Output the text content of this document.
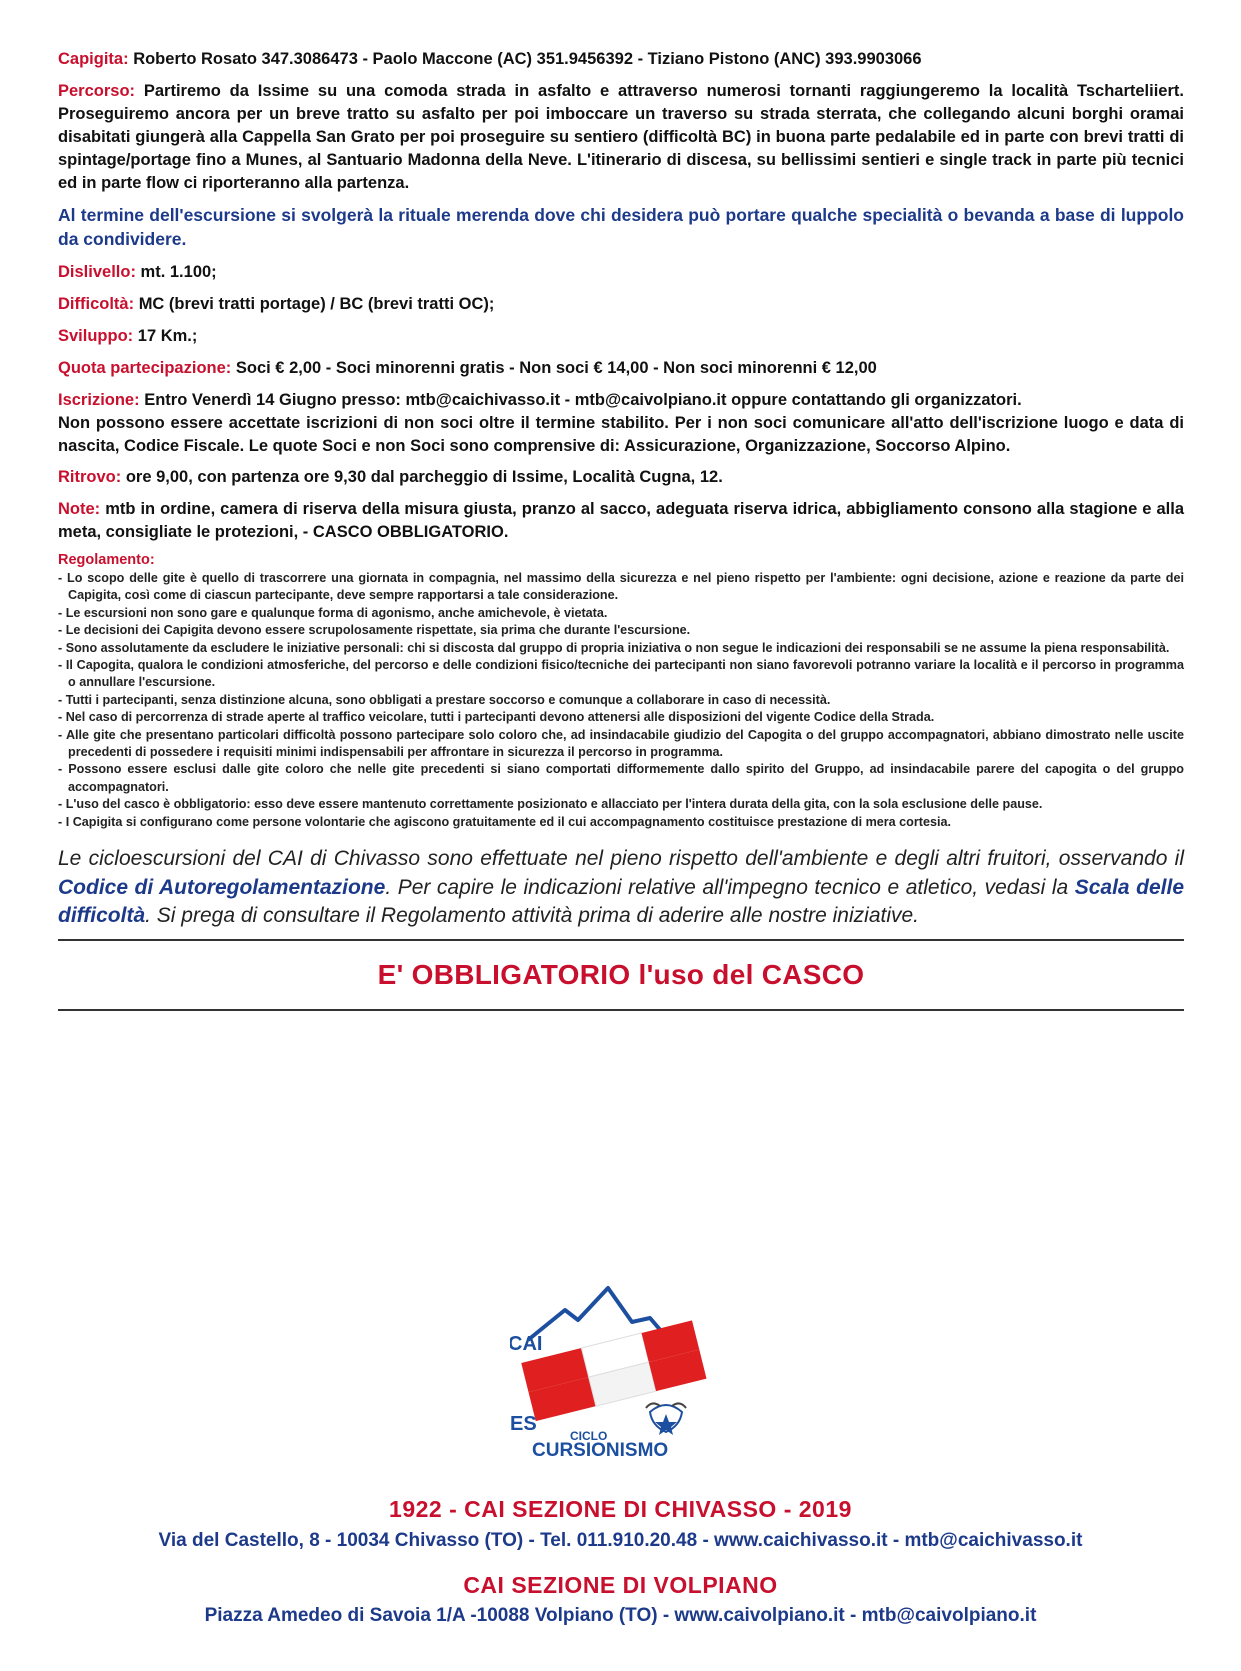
Capigita: Roberto Rosato 347.3086473 - Paolo Maccone (AC) 351.9456392 - Tiziano Pistono (ANC) 393.9903066

Percorso: Partiremo da Issime su una comoda strada in asfalto e attraverso numerosi tornanti raggiungeremo la località Tscharteliiert. Proseguiremo ancora per un breve tratto su asfalto per poi imboccare un traverso su strada sterrata, che collegando alcuni borghi oramai disabitati giungerà alla Cappella San Grato per poi proseguire su sentiero (difficoltà BC) in buona parte pedalabile ed in parte con brevi tratti di spintage/portage fino a Munes, al Santuario Madonna della Neve. L'itinerario di discesa, su bellissimi sentieri e single track in parte più tecnici ed in parte flow ci riporteranno alla partenza.

Al termine dell'escursione si svolgerà la rituale merenda dove chi desidera può portare qualche specialità o bevanda a base di luppolo da condividere.

Dislivello: mt. 1.100;

Difficoltà: MC (brevi tratti portage) / BC (brevi tratti OC);

Sviluppo: 17 Km.;

Quota partecipazione: Soci € 2,00 - Soci minorenni gratis - Non soci € 14,00 - Non soci minorenni € 12,00

Iscrizione: Entro Venerdì 14 Giugno presso: mtb@caichivasso.it - mtb@caivolpiano.it oppure contattando gli organizzatori.

Non possono essere accettate iscrizioni di non soci oltre il termine stabilito. Per i non soci comunicare all'atto dell'iscrizione luogo e data di nascita, Codice Fiscale. Le quote Soci e non Soci sono comprensive di: Assicurazione, Organizzazione, Soccorso Alpino.

Ritrovo: ore 9,00, con partenza ore 9,30 dal parcheggio di Issime, Località Cugna, 12.

Note: mtb in ordine, camera di riserva della misura giusta, pranzo al sacco, adeguata riserva idrica, abbigliamento consono alla stagione e alla meta, consigliate le protezioni, - CASCO OBBLIGATORIO.

Regolamento:
- Lo scopo delle gite è quello di trascorrere una giornata in compagnia, nel massimo della sicurezza e nel pieno rispetto per l'ambiente: ogni decisione, azione e reazione da parte dei Capigita, così come di ciascun partecipante, deve sempre rapportarsi a tale considerazione.
- Le escursioni non sono gare e qualunque forma di agonismo, anche amichevole, è vietata.
- Le decisioni dei Capigita devono essere scrupolosamente rispettate, sia prima che durante l'escursione.
- Sono assolutamente da escludere le iniziative personali: chi si discosta dal gruppo di propria iniziativa o non segue le indicazioni dei responsabili se ne assume la piena responsabilità.
- Il Capogita, qualora le condizioni atmosferiche, del percorso e delle condizioni fisico/tecniche dei partecipanti non siano favorevoli potranno variare la località e il percorso in programma o annullare l'escursione.
- Tutti i partecipanti, senza distinzione alcuna, sono obbligati a prestare soccorso e comunque a collaborare in caso di necessità.
- Nel caso di percorrenza di strade aperte al traffico veicolare, tutti i partecipanti devono attenersi alle disposizioni del vigente Codice della Strada.
- Alle gite che presentano particolari difficoltà possono partecipare solo coloro che, ad insindacabile giudizio del Capogita o del gruppo accompagnatori, abbiano dimostrato nelle uscite precedenti di possedere i requisiti minimi indispensabili per affrontare in sicurezza il percorso in programma.
- Possono essere esclusi dalle gite coloro che nelle gite precedenti si siano comportati difformemente dallo spirito del Gruppo, ad insindacabile parere del capogita o del gruppo accompagnatori.
- L'uso del casco è obbligatorio: esso deve essere mantenuto correttamente posizionato e allacciato per l'intera durata della gita, con la sola esclusione delle pause.
- I Capigita si configurano come persone volontarie che agiscono gratuitamente ed il cui accompagnamento costituisce prestazione di mera cortesia.

Le cicloescursioni del CAI di Chivasso sono effettuate nel pieno rispetto dell'ambiente e degli altri fruitori, osservando il Codice di Autoregolamentazione. Per capire le indicazioni relative all'impegno tecnico e atletico, vedasi la Scala delle difficoltà. Si prega di consultare il Regolamento attività prima di aderire alle nostre iniziative.

E' OBBLIGATORIO l'uso del CASCO
CAI
ES
CICLO
CURSIONISMO
1922 - CAI SEZIONE DI CHIVASSO - 2019
Via del Castello, 8 - 10034 Chivasso (TO) - Tel. 011.910.20.48 - www.caichivasso.it - mtb@caichivasso.it
CAI SEZIONE DI VOLPIANO
Piazza Amedeo di Savoia 1/A -10088 Volpiano (TO) - www.caivolpiano.it - mtb@caivolpiano.it
